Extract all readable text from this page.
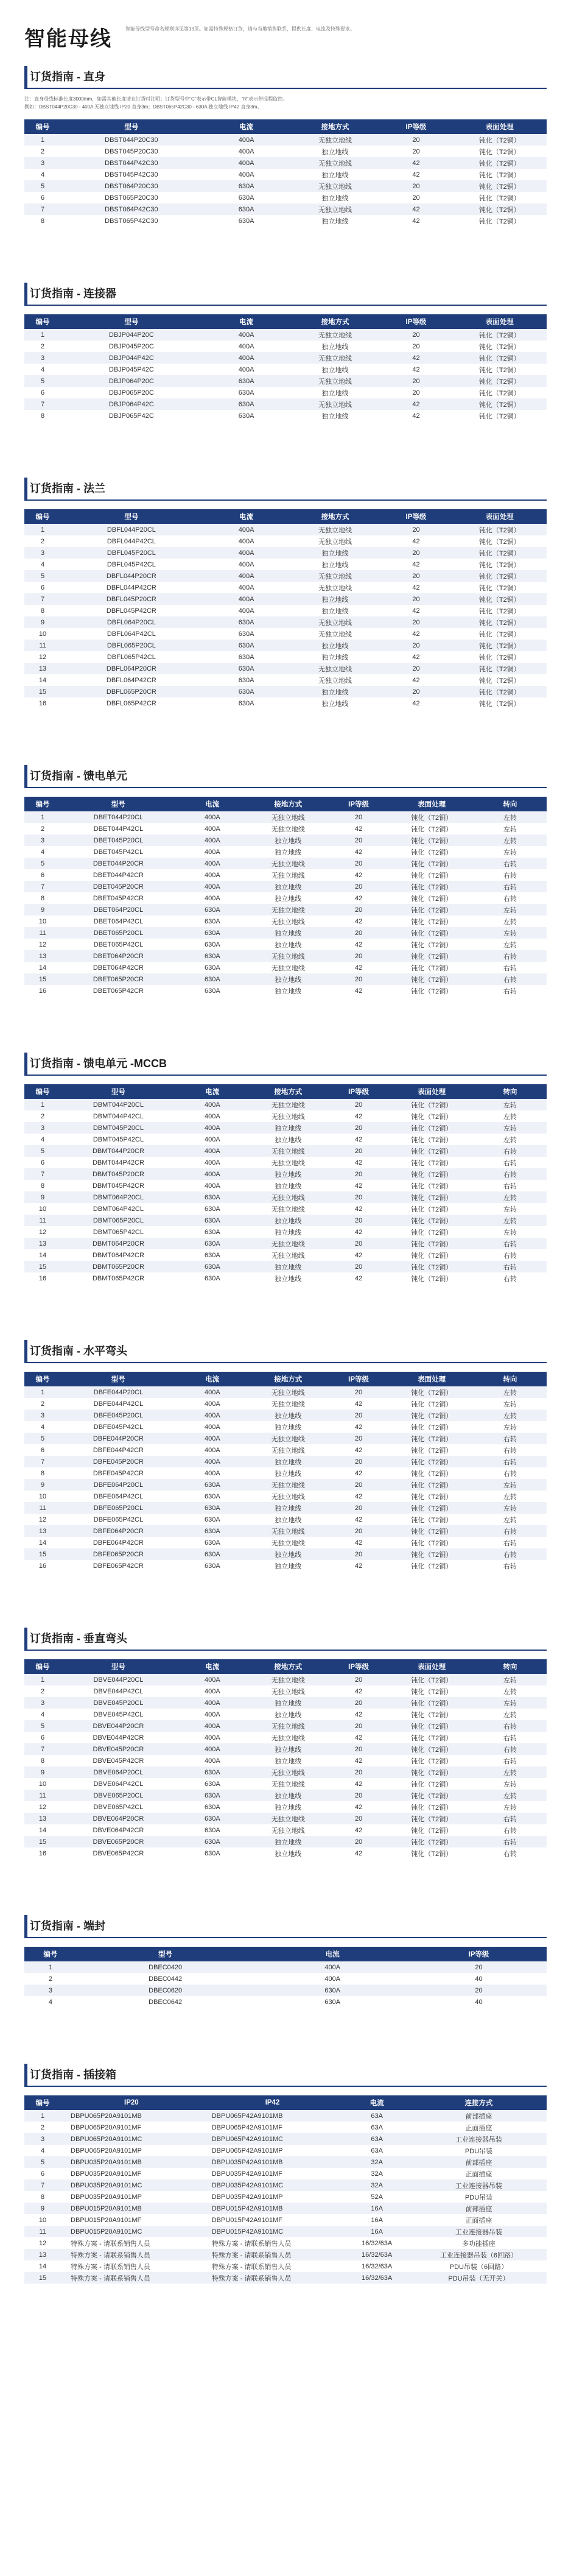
智能母线	智能母线型号命名规则详见第13页。如需特殊规格订货，请与当地销售联系，提供长度、电流及特殊要求。
订货指南 - 直身

注：直身母线标准长度3000mm，如需其他长度请在订货时注明；订货型号中"C"表示带CL智能模块，"R"表示带远程监控。

例如：DBST044P20C30 - 400A 无独立地线 IP20 直身3m；DBST065P42C30 - 630A 独立地线 IP42 直身3m。

编号	型号	电流	接地方式	IP等级	表面处理
1	DBST044P20C30	400A	无独立地线	20	钝化（T2铜）
2	DBST045P20C30	400A	独立地线	20	钝化（T2铜）
3	DBST044P42C30	400A	无独立地线	42	钝化（T2铜）
4	DBST045P42C30	400A	独立地线	42	钝化（T2铜）
5	DBST064P20C30	630A	无独立地线	20	钝化（T2铜）
6	DBST065P20C30	630A	独立地线	20	钝化（T2铜）
7	DBST064P42C30	630A	无独立地线	42	钝化（T2铜）
8	DBST065P42C30	630A	独立地线	42	钝化（T2铜）
订货指南 - 连接器
编号	型号	电流	接地方式	IP等级	表面处理
1	DBJP044P20C	400A	无独立地线	20	钝化（T2铜）
2	DBJP045P20C	400A	独立地线	20	钝化（T2铜）
3	DBJP044P42C	400A	无独立地线	42	钝化（T2铜）
4	DBJP045P42C	400A	独立地线	42	钝化（T2铜）
5	DBJP064P20C	630A	无独立地线	20	钝化（T2铜）
6	DBJP065P20C	630A	独立地线	20	钝化（T2铜）
7	DBJP064P42C	630A	无独立地线	42	钝化（T2铜）
8	DBJP065P42C	630A	独立地线	42	钝化（T2铜）
订货指南 - 法兰
编号	型号	电流	接地方式	IP等级	表面处理
1	DBFL044P20CL	400A	无独立地线	20	钝化（T2铜）
2	DBFL044P42CL	400A	无独立地线	42	钝化（T2铜）
3	DBFL045P20CL	400A	独立地线	20	钝化（T2铜）
4	DBFL045P42CL	400A	独立地线	42	钝化（T2铜）
5	DBFL044P20CR	400A	无独立地线	20	钝化（T2铜）
6	DBFL044P42CR	400A	无独立地线	42	钝化（T2铜）
7	DBFL045P20CR	400A	独立地线	20	钝化（T2铜）
8	DBFL045P42CR	400A	独立地线	42	钝化（T2铜）
9	DBFL064P20CL	630A	无独立地线	20	钝化（T2铜）
10	DBFL064P42CL	630A	无独立地线	42	钝化（T2铜）
11	DBFL065P20CL	630A	独立地线	20	钝化（T2铜）
12	DBFL065P42CL	630A	独立地线	42	钝化（T2铜）
13	DBFL064P20CR	630A	无独立地线	20	钝化（T2铜）
14	DBFL064P42CR	630A	无独立地线	42	钝化（T2铜）
15	DBFL065P20CR	630A	独立地线	20	钝化（T2铜）
16	DBFL065P42CR	630A	独立地线	42	钝化（T2铜）
订货指南 - 馈电单元
编号	型号	电流	接地方式	IP等级	表面处理	转向
1	DBET044P20CL	400A	无独立地线	20	钝化（T2铜）	左转
2	DBET044P42CL	400A	无独立地线	42	钝化（T2铜）	左转
3	DBET045P20CL	400A	独立地线	20	钝化（T2铜）	左转
4	DBET045P42CL	400A	独立地线	42	钝化（T2铜）	左转
5	DBET044P20CR	400A	无独立地线	20	钝化（T2铜）	右转
6	DBET044P42CR	400A	无独立地线	42	钝化（T2铜）	右转
7	DBET045P20CR	400A	独立地线	20	钝化（T2铜）	右转
8	DBET045P42CR	400A	独立地线	42	钝化（T2铜）	右转
9	DBET064P20CL	630A	无独立地线	20	钝化（T2铜）	左转
10	DBET064P42CL	630A	无独立地线	42	钝化（T2铜）	左转
11	DBET065P20CL	630A	独立地线	20	钝化（T2铜）	左转
12	DBET065P42CL	630A	独立地线	42	钝化（T2铜）	左转
13	DBET064P20CR	630A	无独立地线	20	钝化（T2铜）	右转
14	DBET064P42CR	630A	无独立地线	42	钝化（T2铜）	右转
15	DBET065P20CR	630A	独立地线	20	钝化（T2铜）	右转
16	DBET065P42CR	630A	独立地线	42	钝化（T2铜）	右转
订货指南 - 馈电单元 -MCCB
编号	型号	电流	接地方式	IP等级	表面处理	转向
1	DBMT044P20CL	400A	无独立地线	20	钝化（T2铜）	左转
2	DBMT044P42CL	400A	无独立地线	42	钝化（T2铜）	左转
3	DBMT045P20CL	400A	独立地线	20	钝化（T2铜）	左转
4	DBMT045P42CL	400A	独立地线	42	钝化（T2铜）	左转
5	DBMT044P20CR	400A	无独立地线	20	钝化（T2铜）	右转
6	DBMT044P42CR	400A	无独立地线	42	钝化（T2铜）	右转
7	DBMT045P20CR	400A	独立地线	20	钝化（T2铜）	右转
8	DBMT045P42CR	400A	独立地线	42	钝化（T2铜）	右转
9	DBMT064P20CL	630A	无独立地线	20	钝化（T2铜）	左转
10	DBMT064P42CL	630A	无独立地线	42	钝化（T2铜）	左转
11	DBMT065P20CL	630A	独立地线	20	钝化（T2铜）	左转
12	DBMT065P42CL	630A	独立地线	42	钝化（T2铜）	左转
13	DBMT064P20CR	630A	无独立地线	20	钝化（T2铜）	右转
14	DBMT064P42CR	630A	无独立地线	42	钝化（T2铜）	右转
15	DBMT065P20CR	630A	独立地线	20	钝化（T2铜）	右转
16	DBMT065P42CR	630A	独立地线	42	钝化（T2铜）	右转
订货指南 - 水平弯头
编号	型号	电流	接地方式	IP等级	表面处理	转向
1	DBFE044P20CL	400A	无独立地线	20	钝化（T2铜）	左转
2	DBFE044P42CL	400A	无独立地线	42	钝化（T2铜）	左转
3	DBFE045P20CL	400A	独立地线	20	钝化（T2铜）	左转
4	DBFE045P42CL	400A	独立地线	42	钝化（T2铜）	左转
5	DBFE044P20CR	400A	无独立地线	20	钝化（T2铜）	右转
6	DBFE044P42CR	400A	无独立地线	42	钝化（T2铜）	右转
7	DBFE045P20CR	400A	独立地线	20	钝化（T2铜）	右转
8	DBFE045P42CR	400A	独立地线	42	钝化（T2铜）	右转
9	DBFE064P20CL	630A	无独立地线	20	钝化（T2铜）	左转
10	DBFE064P42CL	630A	无独立地线	42	钝化（T2铜）	左转
11	DBFE065P20CL	630A	独立地线	20	钝化（T2铜）	左转
12	DBFE065P42CL	630A	独立地线	42	钝化（T2铜）	左转
13	DBFE064P20CR	630A	无独立地线	20	钝化（T2铜）	右转
14	DBFE064P42CR	630A	无独立地线	42	钝化（T2铜）	右转
15	DBFE065P20CR	630A	独立地线	20	钝化（T2铜）	右转
16	DBFE065P42CR	630A	独立地线	42	钝化（T2铜）	右转
订货指南 - 垂直弯头
编号	型号	电流	接地方式	IP等级	表面处理	转向
1	DBVE044P20CL	400A	无独立地线	20	钝化（T2铜）	左转
2	DBVE044P42CL	400A	无独立地线	42	钝化（T2铜）	左转
3	DBVE045P20CL	400A	独立地线	20	钝化（T2铜）	左转
4	DBVE045P42CL	400A	独立地线	42	钝化（T2铜）	左转
5	DBVE044P20CR	400A	无独立地线	20	钝化（T2铜）	右转
6	DBVE044P42CR	400A	无独立地线	42	钝化（T2铜）	右转
7	DBVE045P20CR	400A	独立地线	20	钝化（T2铜）	右转
8	DBVE045P42CR	400A	独立地线	42	钝化（T2铜）	右转
9	DBVE064P20CL	630A	无独立地线	20	钝化（T2铜）	左转
10	DBVE064P42CL	630A	无独立地线	42	钝化（T2铜）	左转
11	DBVE065P20CL	630A	独立地线	20	钝化（T2铜）	左转
12	DBVE065P42CL	630A	独立地线	42	钝化（T2铜）	左转
13	DBVE064P20CR	630A	无独立地线	20	钝化（T2铜）	右转
14	DBVE064P42CR	630A	无独立地线	42	钝化（T2铜）	右转
15	DBVE065P20CR	630A	独立地线	20	钝化（T2铜）	右转
16	DBVE065P42CR	630A	独立地线	42	钝化（T2铜）	右转
订货指南 - 端封
编号	型号	电流	IP等级
1	DBEC0420	400A	20
2	DBEC0442	400A	40
3	DBEC0620	630A	20
4	DBEC0642	630A	40
订货指南 - 插接箱
编号	IP20	IP42	电流	连接方式
1	DBPU065P20A9101MB	DBPU065P42A9101MB	63A	前部插座
2	DBPU065P20A9101MF	DBPU065P42A9101MF	63A	正面插座
3	DBPU065P20A9101MC	DBPU065P42A9101MC	63A	工业连接器吊装
4	DBPU065P20A9101MP	DBPU065P42A9101MP	63A	PDU吊装
5	DBPU035P20A9101MB	DBPU035P42A9101MB	32A	前部插座
6	DBPU035P20A9101MF	DBPU035P42A9101MF	32A	正面插座
7	DBPU035P20A9101MC	DBPU035P42A9101MC	32A	工业连接器吊装
8	DBPU035P20A9101MP	DBPU035P42A9101MP	52A	PDU吊装
9	DBPU015P20A9101MB	DBPU015P42A9101MB	16A	前部插座
10	DBPU015P20A9101MF	DBPU015P42A9101MF	16A	正面插座
11	DBPU015P20A9101MC	DBPU015P42A9101MC	16A	工业连接器吊装
12	特殊方案 - 请联系销售人员	特殊方案 - 请联系销售人员	16/32/63A	多功能插座
13	特殊方案 - 请联系销售人员	特殊方案 - 请联系销售人员	16/32/63A	工业连接器吊装（6回路）
14	特殊方案 - 请联系销售人员	特殊方案 - 请联系销售人员	16/32/63A	PDU吊装（6回路）
15	特殊方案 - 请联系销售人员	特殊方案 - 请联系销售人员	16/32/63A	PDU吊装（无开关）
